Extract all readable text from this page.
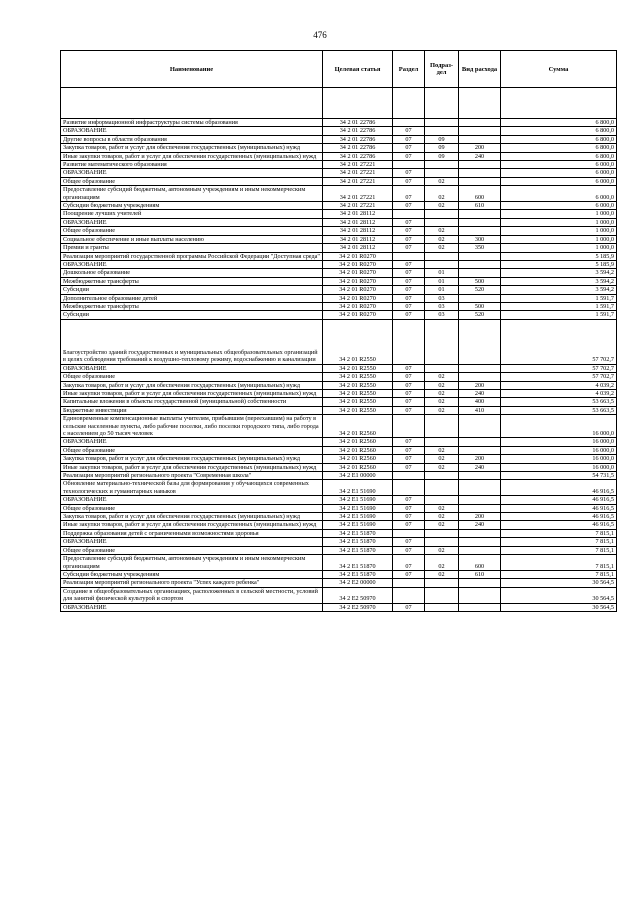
476
Наименование	Целевая статья	Раздел	Подраз-дел	Вид расхода	Сумма

Развитие информационной инфраструктуры системы образования	34 2 01 22786				6 800,0
ОБРАЗОВАНИЕ	34 2 01 22786	07			6 800,0
Другие вопросы в области образования	34 2 01 22786	07	09		6 800,0
Закупка товаров, работ и услуг для обеспечения государственных (муниципальных) нужд	34 2 01 22786	07	09	200	6 800,0
Иные закупки товаров, работ и услуг для обеспечения государственных (муниципальных) нужд	34 2 01 22786	07	09	240	6 800,0
Развитие математического образования	34 2 01 27221				6 000,0
ОБРАЗОВАНИЕ	34 2 01 27221	07			6 000,0
Общее образование	34 2 01 27221	07	02		6 000,0
Предоставление субсидий бюджетным, автономным учреждениям и иным некоммерческим организациям	34 2 01 27221	07	02	600	6 000,0
Субсидии бюджетным учреждениям	34 2 01 27221	07	02	610	6 000,0
Поощрение лучших учителей	34 2 01 28112				1 000,0
ОБРАЗОВАНИЕ	34 2 01 28112	07			1 000,0
Общее образование	34 2 01 28112	07	02		1 000,0
Социальное обеспечение и иные выплаты населению	34 2 01 28112	07	02	300	1 000,0
Премии и гранты	34 2 01 28112	07	02	350	1 000,0
Реализация мероприятий государственной программы Российской Федерации "Доступная среда"	34 2 01 R0270				5 185,9
ОБРАЗОВАНИЕ	34 2 01 R0270	07			5 185,9
Дошкольное образование	34 2 01 R0270	07	01		3 594,2
Межбюджетные трансферты	34 2 01 R0270	07	01	500	3 594,2
Субсидии	34 2 01 R0270	07	01	520	3 594,2
Дополнительное образование детей	34 2 01 R0270	07	03		1 591,7
Межбюджетные трансферты	34 2 01 R0270	07	03	500	1 591,7
Субсидии	34 2 01 R0270	07	03	520	1 591,7
Благоустройство зданий государственных и муниципальных общеобразовательных организаций в целях соблюдения требований к воздушно-тепловому режиму, водоснабжению и канализации	34 2 01 R2550				57 702,7
ОБРАЗОВАНИЕ	34 2 01 R2550	07			57 702,7
Общее образование	34 2 01 R2550	07	02		57 702,7
Закупка товаров, работ и услуг для обеспечения государственных (муниципальных) нужд	34 2 01 R2550	07	02	200	4 039,2
Иные закупки товаров, работ и услуг для обеспечения государственных (муниципальных) нужд	34 2 01 R2550	07	02	240	4 039,2
Капитальные вложения в объекты государственной (муниципальной) собственности	34 2 01 R2550	07	02	400	53 663,5
Бюджетные инвестиции	34 2 01 R2550	07	02	410	53 663,5
Единовременные компенсационные выплаты учителям, прибывшим (переехавшим) на работу в сельские населенные пункты, либо рабочие поселки, либо поселки городского типа, либо города с населением до 50 тысяч человек	34 2 01 R2560				16 000,0
ОБРАЗОВАНИЕ	34 2 01 R2560	07			16 000,0
Общее образование	34 2 01 R2560	07	02		16 000,0
Закупка товаров, работ и услуг для обеспечения государственных (муниципальных) нужд	34 2 01 R2560	07	02	200	16 000,0
Иные закупки товаров, работ и услуг для обеспечения государственных (муниципальных) нужд	34 2 01 R2560	07	02	240	16 000,0
Реализация мероприятий регионального проекта "Современная школа"	34 2 E1 00000				54 731,5
Обновление материально-технической базы для формирования у обучающихся современных технологических и гуманитарных навыков	34 2 E1 51690				46 916,5
ОБРАЗОВАНИЕ	34 2 E1 51690	07			46 916,5
Общее образование	34 2 E1 51690	07	02		46 916,5
Закупка товаров, работ и услуг для обеспечения государственных (муниципальных) нужд	34 2 E1 51690	07	02	200	46 916,5
Иные закупки товаров, работ и услуг для обеспечения государственных (муниципальных) нужд	34 2 E1 51690	07	02	240	46 916,5
Поддержка образования детей с ограниченными возможностями здоровья	34 2 E1 51870				7 815,1
ОБРАЗОВАНИЕ	34 2 E1 51870	07			7 815,1
Общее образование	34 2 E1 51870	07	02		7 815,1
Предоставление субсидий бюджетным, автономным учреждениям и иным некоммерческим организациям	34 2 E1 51870	07	02	600	7 815,1
Субсидии бюджетным учреждениям	34 2 E1 51870	07	02	610	7 815,1
Реализация мероприятий регионального проекта "Успех каждого ребенка"	34 2 E2 00000				30 564,5
Создание в общеобразовательных организациях, расположенных в сельской местности, условий для занятий физической культурой и спортом	34 2 E2 50970				30 564,5
ОБРАЗОВАНИЕ	34 2 E2 50970	07			30 564,5
